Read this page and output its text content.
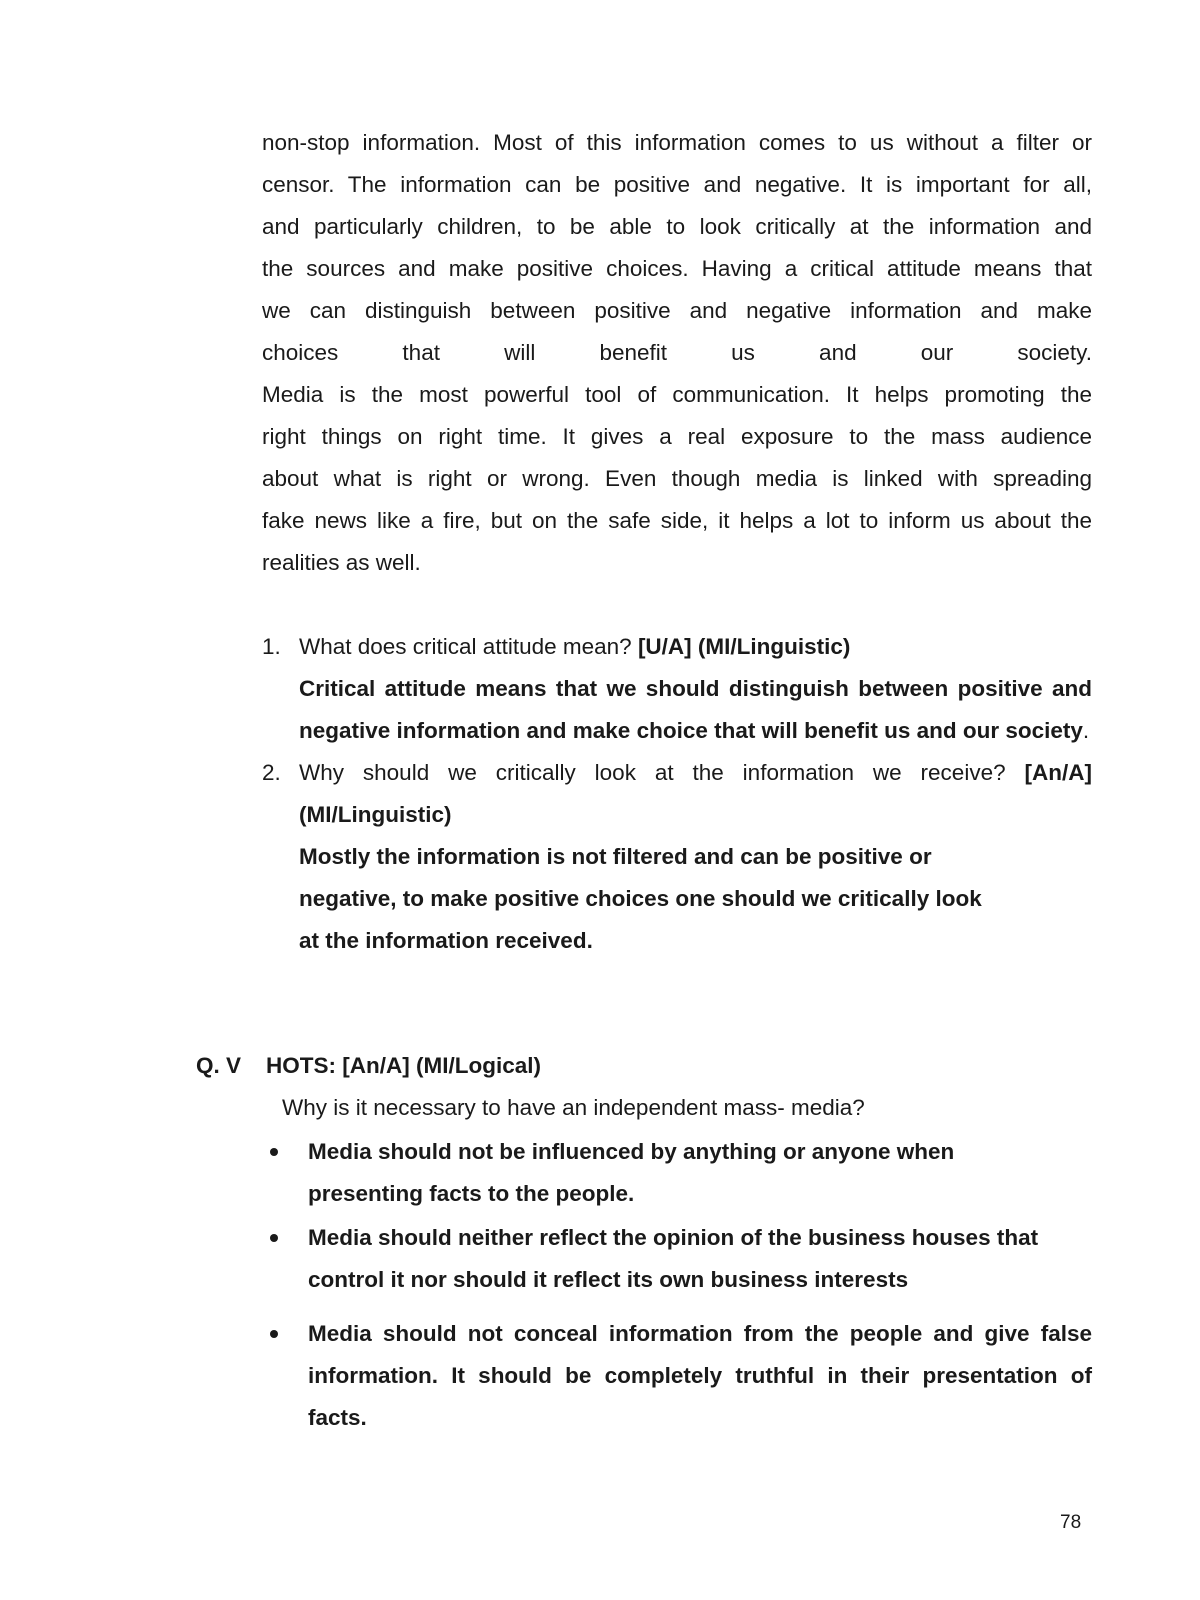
non-stop information. Most of this information comes to us without a filter or
censor. The information can be positive and negative. It is important for all,
and particularly children, to be able to look critically at the information and
the sources and make positive choices. Having a critical attitude means that
we can distinguish between positive and negative information and make
choices that will benefit us and our society.
Media is the most powerful tool of communication. It helps promoting the
right things on right time. It gives a real exposure to the mass audience
about what is right or wrong. Even though media is linked with spreading
fake news like a fire, but on the safe side, it helps a lot to inform us about the
realities as well.
1. What does critical attitude mean? [U/A] (MI/Linguistic)
Critical attitude means that we should distinguish between positive and negative information and make choice that will benefit us and our society.
2. Why should we critically look at the information we receive? [An/A]
(MI/Linguistic)
Mostly the information is not filtered and can be positive or negative, to make positive choices one should we critically look at the information received.
Q. V HOTS: [An/A] (MI/Logical)
Why is it necessary to have an independent mass- media?
Media should not be influenced by anything or anyone when presenting facts to the people.
Media should neither reflect the opinion of the business houses that control it nor should it reflect its own business interests
Media should not conceal information from the people and give false information. It should be completely truthful in their presentation of facts.
78
